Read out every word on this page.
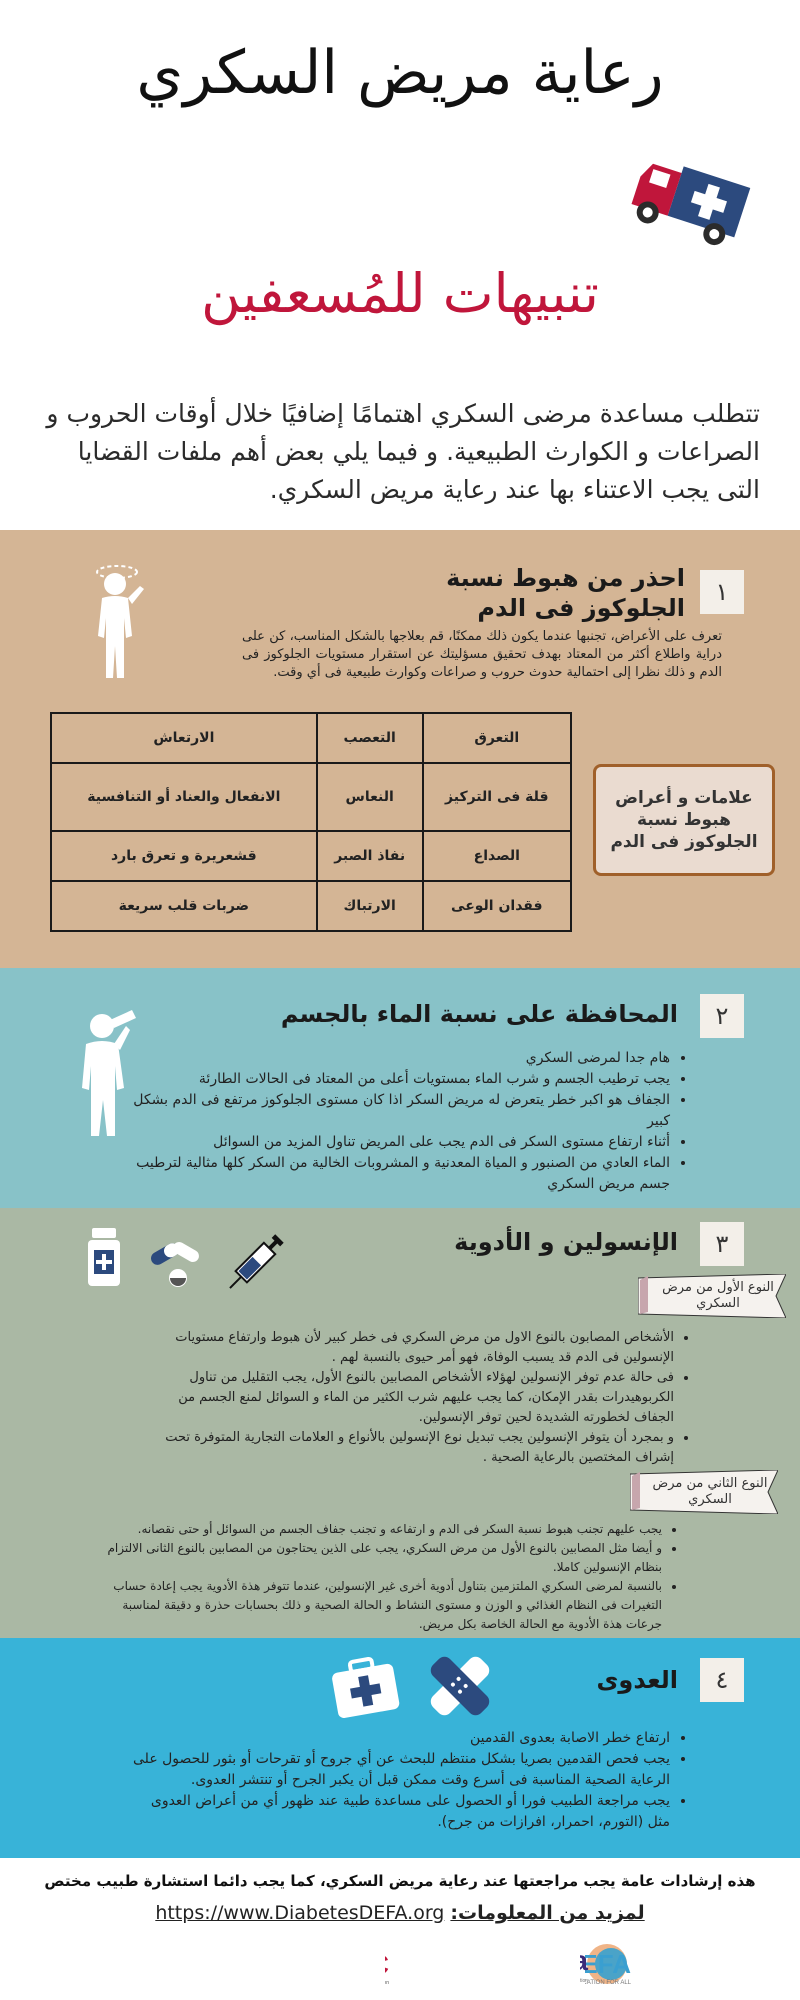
رعاية مريض السكري
تنبيهات للمُسعفين
تتطلب مساعدة مرضى السكري اهتمامًا إضافيًا خلال أوقات الحروب و الصراعات و الكوارث الطبيعية. و فيما يلي بعض أهم ملفات القضايا التى يجب الاعتناء بها عند رعاية مريض السكري.
١
احذر من هبوط نسبة الجلوكوز فى الدم
تعرف على الأعراض، تجنبها عندما يكون ذلك ممكنًا، قم بعلاجها بالشكل المناسب، كن على دراية واطلاع أكثر من المعتاد بهدف تحقيق مسؤليتك عن استقرار مستويات الجلوكوز فى الدم و ذلك نظرا إلى احتمالية حدوث حروب و صراعات وكوارث طبيعية فى أي وقت.
التعرق	التعصب	الارتعاش
قلة فى التركيز	النعاس	الانفعال والعناد أو التنافسية
الصداع	نفاذ الصبر	قشعريرة و تعرق بارد
فقدان الوعى	الارتباك	ضربات قلب سريعة
علامات و أعراض هبوط نسبة الجلوكوز فى الدم
٢
المحافظة على نسبة الماء بالجسم
• هام جدا لمرضى السكري
• يجب ترطيب الجسم و شرب الماء بمستويات أعلى من المعتاد فى الحالات الطارئة
• الجفاف هو اكبر خطر يتعرض له مريض السكر اذا كان مستوى الجلوكوز مرتفع فى الدم بشكل كبير
• أثناء ارتفاع مستوى السكر فى الدم يجب على المريض تناول المزيد من السوائل
• الماء العادي من الصنبور و المياة المعدنية و المشروبات الخالية من السكر كلها مثالية لترطيب جسم مريض السكري
٣
الإنسولين و الأدوية
النوع الأول من مرض السكري
• الأشخاص المصابون بالنوع الاول من مرض السكري فى خطر كبير لأن هبوط وارتفاع مستويات الإنسولين فى الدم قد يسبب الوفاة، فهو أمر حيوى بالنسبة لهم .
• فى حالة عدم توفر الإنسولين لهؤلاء الأشخاص المصابين بالنوع الأول، يجب التقليل من تناول الكربوهيدرات بقدر الإمكان، كما يجب عليهم شرب الكثير من الماء و السوائل لمنع الجسم من الجفاف لخطورته الشديدة لحين توفر الإنسولين.
• و بمجرد أن يتوفر الإنسولين يجب تبديل نوع الإنسولين بالأنواع و العلامات التجارية المتوفرة تحت إشراف المختصين بالرعاية الصحية .
النوع الثاني من مرض السكري
• يجب عليهم تجنب هبوط نسبة السكر فى الدم و ارتفاعه و تجنب جفاف الجسم من السوائل أو حتى نقصانه.
• و أيضا مثل المصابين بالنوع الأول من مرض السكري، يجب على الذين يحتاجون من المصابين بالنوع الثانى الالتزام بنظام الإنسولين كاملا.
• بالنسبة لمرضى السكري الملتزمين بتناول أدوية أخرى غير الإنسولين، عندما تتوفر هذة الأدوية يجب إعادة حساب التغيرات فى النظام الغذائي و الوزن و مستوى النشاط و الحالة الصحية و ذلك بحسابات حذرة و دقيقة لمناسبة جرعات هذة الأدوية مع الحالة الخاصة بكل مريض.
٤
العدوى
• ارتفاع خطر الاصابة بعدوى القدمين
• يجب فحص القدمين بصريا بشكل منتظم للبحث عن أي جروح أو تقرحات أو بثور للحصول على الرعاية الصحية المناسبة فى أسرع وقت ممكن قبل أن يكبر الجرح أو تنتشر العدوى.
• يجب مراجعة الطبيب فورا أو الحصول على مساعدة طبية عند ظهور أي من أعراض العدوى مثل (التورم، احمرار، افرازات من جرح).
هذه إرشادات عامة يجب مراجعتها عند رعاية مريض السكري، كما يجب دائما استشارة طبيب مختص
لمزيد من المعلومات: https://www.DiabetesDEFA.org
EFA
ATION FOR ALL
n
a
ion
